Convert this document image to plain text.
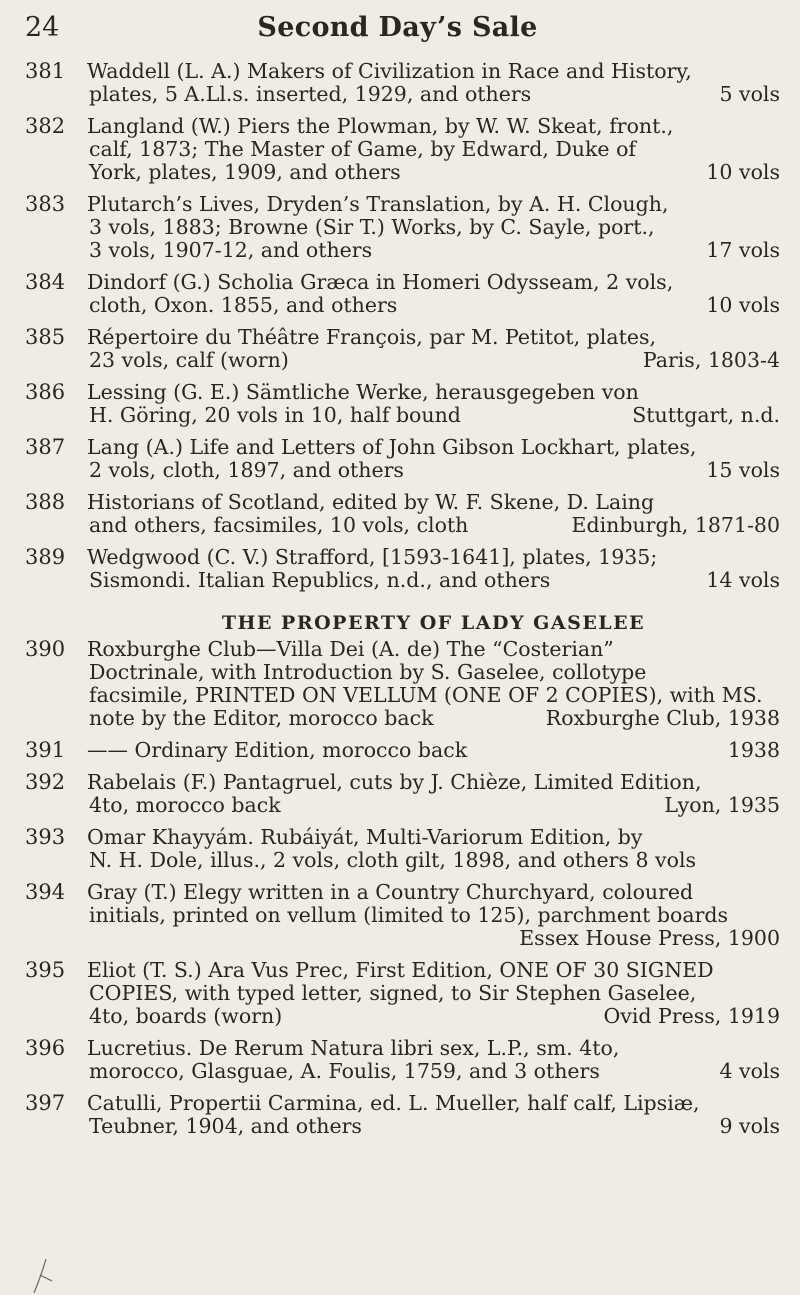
24	Second Day’s Sale
381 Waddell (L. A.) Makers of Civilization in Race and History,
plates, 5 A.Ll.s. inserted, 1929, and others	5 vols
382 Langland (W.) Piers the Plowman, by W. W. Skeat, front.,
calf, 1873; The Master of Game, by Edward, Duke of
York, plates, 1909, and others	10 vols
383 Plutarch’s Lives, Dryden’s Translation, by A. H. Clough,
3 vols, 1883; Browne (Sir T.) Works, by C. Sayle, port.,
3 vols, 1907-12, and others	17 vols
384 Dindorf (G.) Scholia Græca in Homeri Odysseam, 2 vols,
cloth, Oxon. 1855, and others	10 vols
385 Répertoire du Théâtre François, par M. Petitot, plates,
23 vols, calf (worn)	Paris, 1803-4
386 Lessing (G. E.) Sämtliche Werke, herausgegeben von
H. Göring, 20 vols in 10, half bound	Stuttgart, n.d.
387 Lang (A.) Life and Letters of John Gibson Lockhart, plates,
2 vols, cloth, 1897, and others	15 vols
388 Historians of Scotland, edited by W. F. Skene, D. Laing
and others, facsimiles, 10 vols, cloth	Edinburgh, 1871-80
389 Wedgwood (C. V.) Strafford, [1593-1641], plates, 1935;
Sismondi. Italian Republics, n.d., and others	14 vols
THE PROPERTY OF LADY GASELEE
390 Roxburghe Club—Villa Dei (A. de) The “Costerian”
Doctrinale, with Introduction by S. Gaselee, collotype
facsimile, PRINTED ON VELLUM (ONE OF 2 COPIES), with MS.
note by the Editor, morocco back	Roxburghe Club, 1938
391 —— Ordinary Edition, morocco back	1938
392 Rabelais (F.) Pantagruel, cuts by J. Chièze, Limited Edition,
4to, morocco back	Lyon, 1935
393 Omar Khayyám. Rubáiyát, Multi-Variorum Edition, by
N. H. Dole, illus., 2 vols, cloth gilt, 1898, and others 8 vols
394 Gray (T.) Elegy written in a Country Churchyard, coloured
initials, printed on vellum (limited to 125), parchment boards
Essex House Press, 1900
395 Eliot (T. S.) Ara Vus Prec, First Edition, ONE OF 30 SIGNED
COPIES, with typed letter, signed, to Sir Stephen Gaselee,
4to, boards (worn)	Ovid Press, 1919
396 Lucretius. De Rerum Natura libri sex, L.P., sm. 4to,
morocco, Glasguae, A. Foulis, 1759, and 3 others	4 vols
397 Catulli, Propertii Carmina, ed. L. Mueller, half calf, Lipsiæ,
Teubner, 1904, and others	9 vols
